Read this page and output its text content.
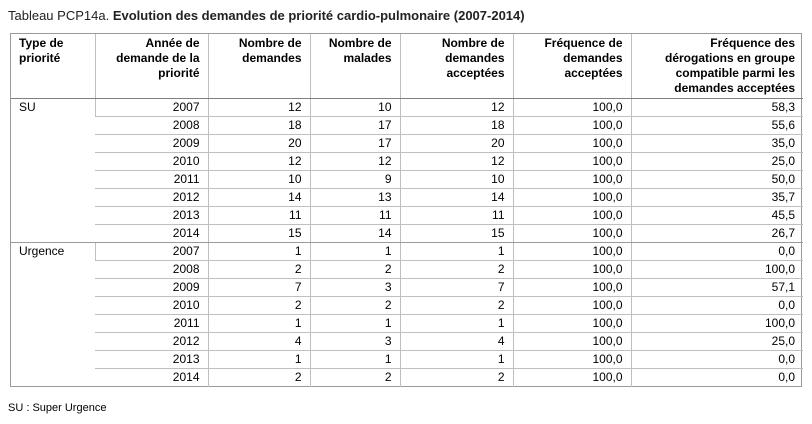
Tableau PCP14a. Evolution des demandes de priorité cardio-pulmonaire (2007-2014)
Type de priorité	Année de demande de la priorité	Nombre de demandes	Nombre de malades	Nombre de demandes acceptées	Fréquence de demandes acceptées	Fréquence des dérogations en groupe compatible parmi les demandes acceptées
SU	2007	12	10	12	100,0	58,3
	2008	18	17	18	100,0	55,6
	2009	20	17	20	100,0	35,0
	2010	12	12	12	100,0	25,0
	2011	10	9	10	100,0	50,0
	2012	14	13	14	100,0	35,7
	2013	11	11	11	100,0	45,5
	2014	15	14	15	100,0	26,7
Urgence	2007	1	1	1	100,0	0,0
	2008	2	2	2	100,0	100,0
	2009	7	3	7	100,0	57,1
	2010	2	2	2	100,0	0,0
	2011	1	1	1	100,0	100,0
	2012	4	3	4	100,0	25,0
	2013	1	1	1	100,0	0,0
	2014	2	2	2	100,0	0,0
SU : Super Urgence
